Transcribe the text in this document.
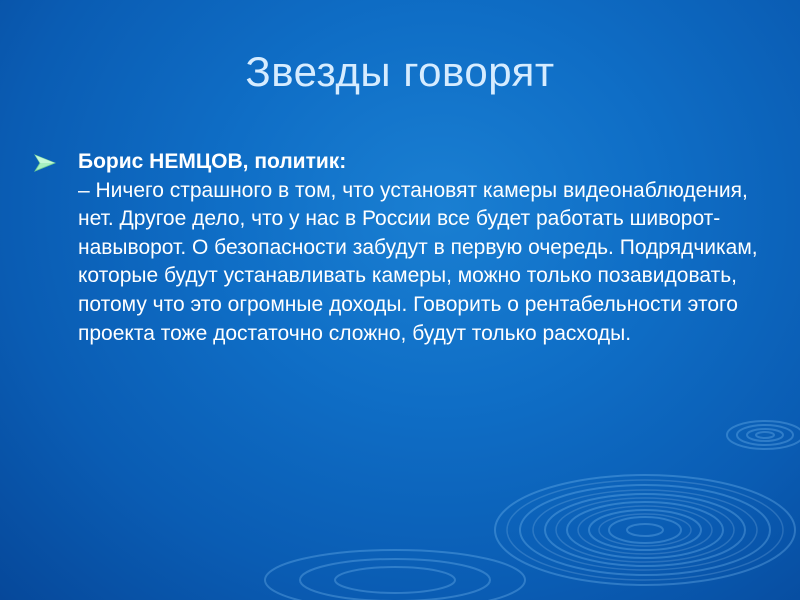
Звезды говорят
Борис НЕМЦОВ, политик:
– Ничего страшного в том, что установят камеры видеонаблюдения, нет. Другое дело, что у нас в России все будет работать шиворот-навыворот. О безопасности забудут в первую очередь. Подрядчикам, которые будут устанавливать камеры, можно только позавидовать, потому что это огромные доходы. Говорить о рентабельности этого проекта тоже достаточно сложно, будут только расходы.
